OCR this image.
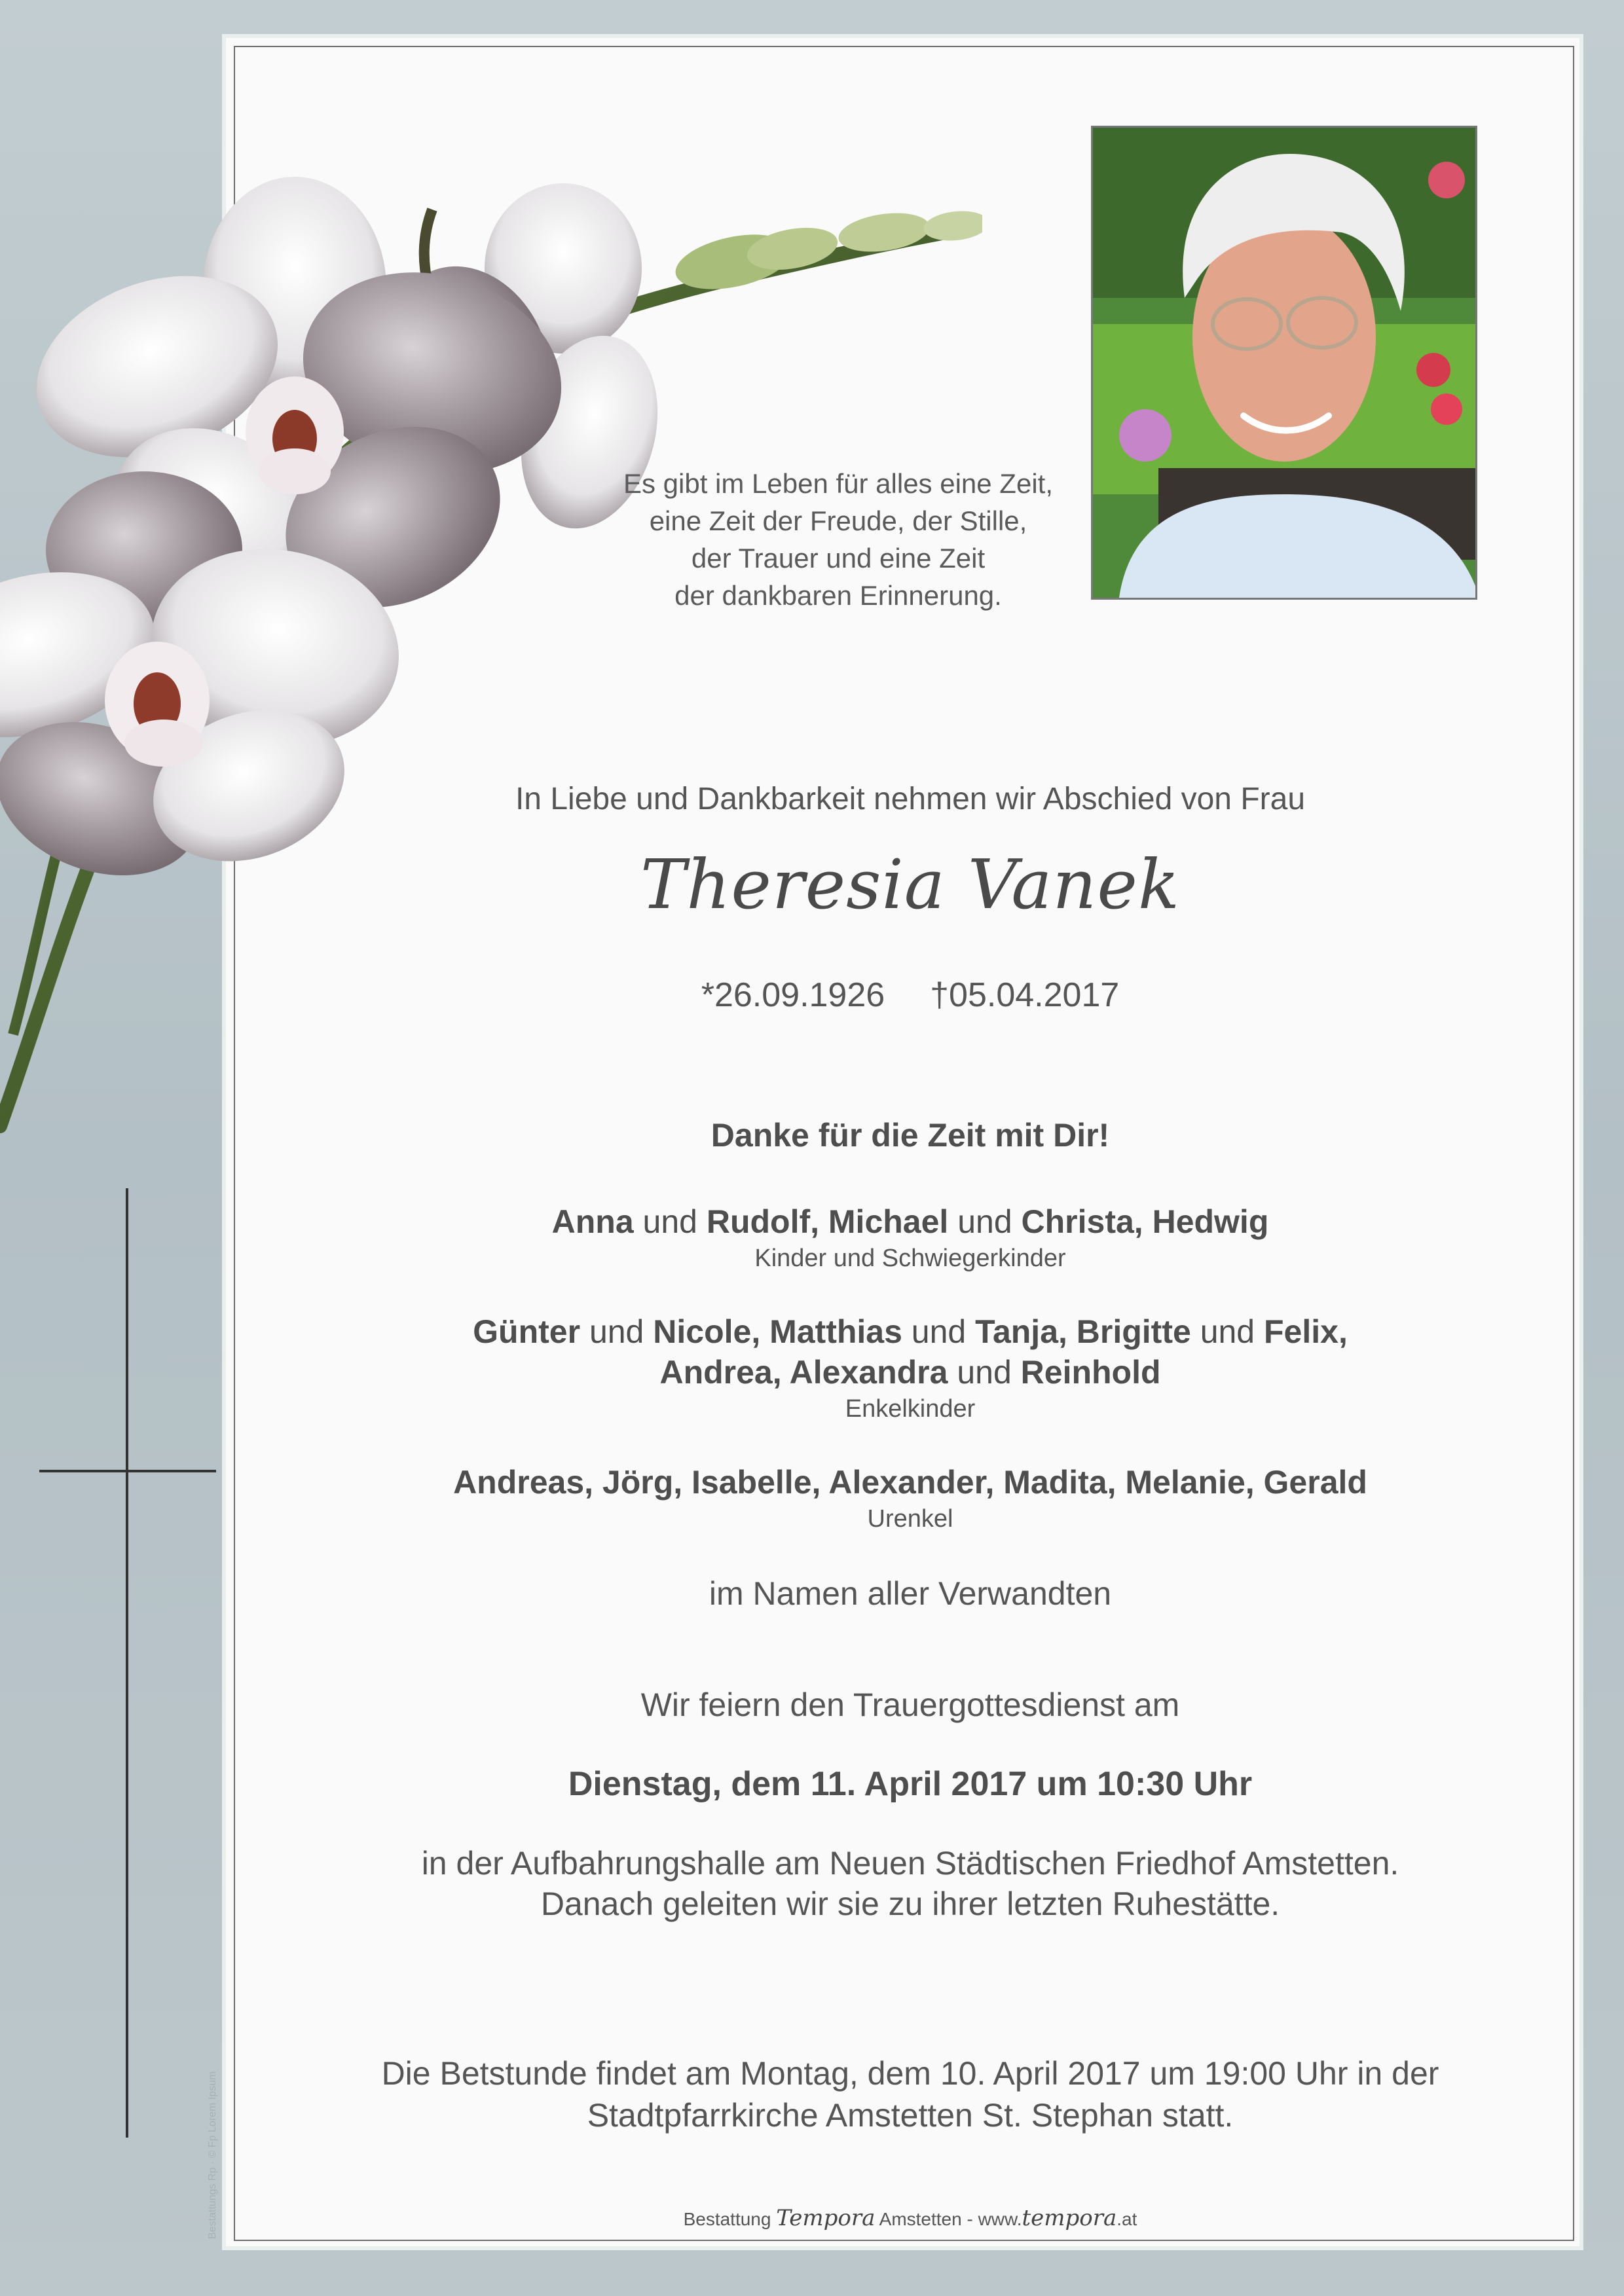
Es gibt im Leben für alles eine Zeit,
eine Zeit der Freude, der Stille,
der Trauer und eine Zeit
der dankbaren Erinnerung.
In Liebe und Dankbarkeit nehmen wir Abschied von Frau
Theresia Vanek
*26.09.1926 †05.04.2017
Danke für die Zeit mit Dir!
Anna und Rudolf, Michael und Christa, Hedwig
Kinder und Schwiegerkinder
Günter und Nicole, Matthias und Tanja, Brigitte und Felix,
Andrea, Alexandra und Reinhold
Enkelkinder
Andreas, Jörg, Isabelle, Alexander, Madita, Melanie, Gerald
Urenkel
im Namen aller Verwandten
Wir feiern den Trauergottesdienst am
Dienstag, dem 11. April 2017 um 10:30 Uhr
in der Aufbahrungshalle am Neuen Städtischen Friedhof Amstetten.
Danach geleiten wir sie zu ihrer letzten Ruhestätte.
Die Betstunde findet am Montag, dem 10. April 2017 um 19:00 Uhr in der
Stadtpfarrkirche Amstetten St. Stephan statt.
Bestattung Tempora Amstetten - www.tempora.at
Bestattungs Rp · © Fp Lorem Ipsum
